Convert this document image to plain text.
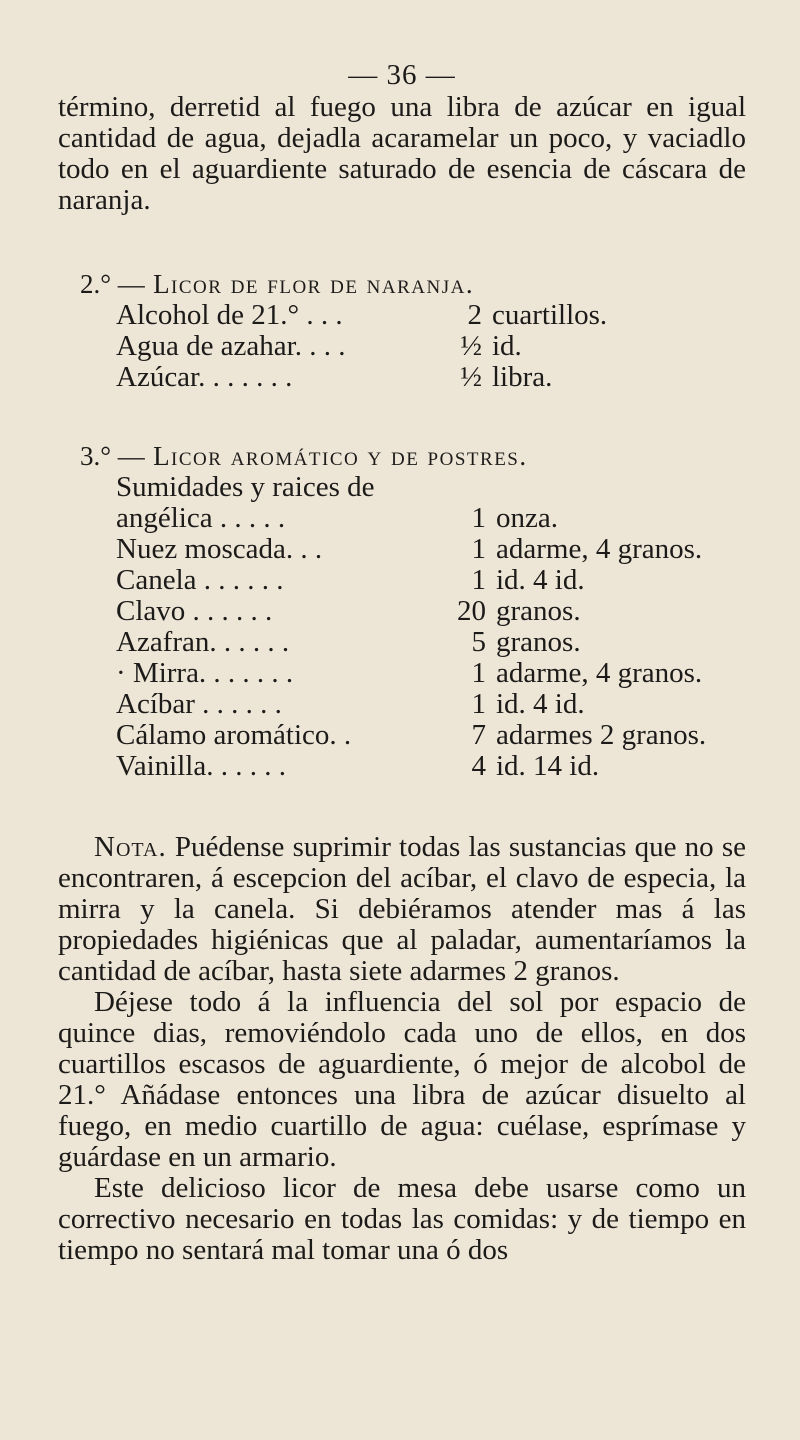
— 36 —

término, derretid al fuego una libra de azúcar en igual cantidad de agua, dejadla acaramelar un poco, y vaciadlo todo en el aguardiente saturado de esencia de cáscara de naranja.

2.° — Licor de flor de naranja.

Alcohol de 21.° . . .	2 cuartillos.
Agua de azahar. . . .	½ id.
Azúcar. . . . . . .	½ libra.

3.° — Licor aromático y de postres.

Sumidades y raices de
angélica . . . . .	1 onza.
Nuez moscada. . .	1 adarme, 4 granos.
Canela . . . . . .	1 id. 4 id.
Clavo . . . . . .	20 granos.
Azafran. . . . . .	5 granos.
· Mirra. . . . . . .	1 adarme, 4 granos.
Acíbar . . . . . .	1 id. 4 id.
Cálamo aromático. .	7 adarmes 2 granos.
Vainilla. . . . . .	4 id. 14 id.

Nota. Puédense suprimir todas las sustancias que no se encontraren, á escepcion del acíbar, el clavo de especia, la mirra y la canela. Si debiéramos atender mas á las propiedades higiénicas que al paladar, aumentaríamos la cantidad de acíbar, hasta siete adarmes 2 granos.

Déjese todo á la influencia del sol por espacio de quince dias, removiéndolo cada uno de ellos, en dos cuartillos escasos de aguardiente, ó mejor de alcobol de 21.° Añádase entonces una libra de azúcar disuelto al fuego, en medio cuartillo de agua: cuélase, esprímase y guárdase en un armario.

Este delicioso licor de mesa debe usarse como un correctivo necesario en todas las comidas: y de tiempo en tiempo no sentará mal tomar una ó dos
